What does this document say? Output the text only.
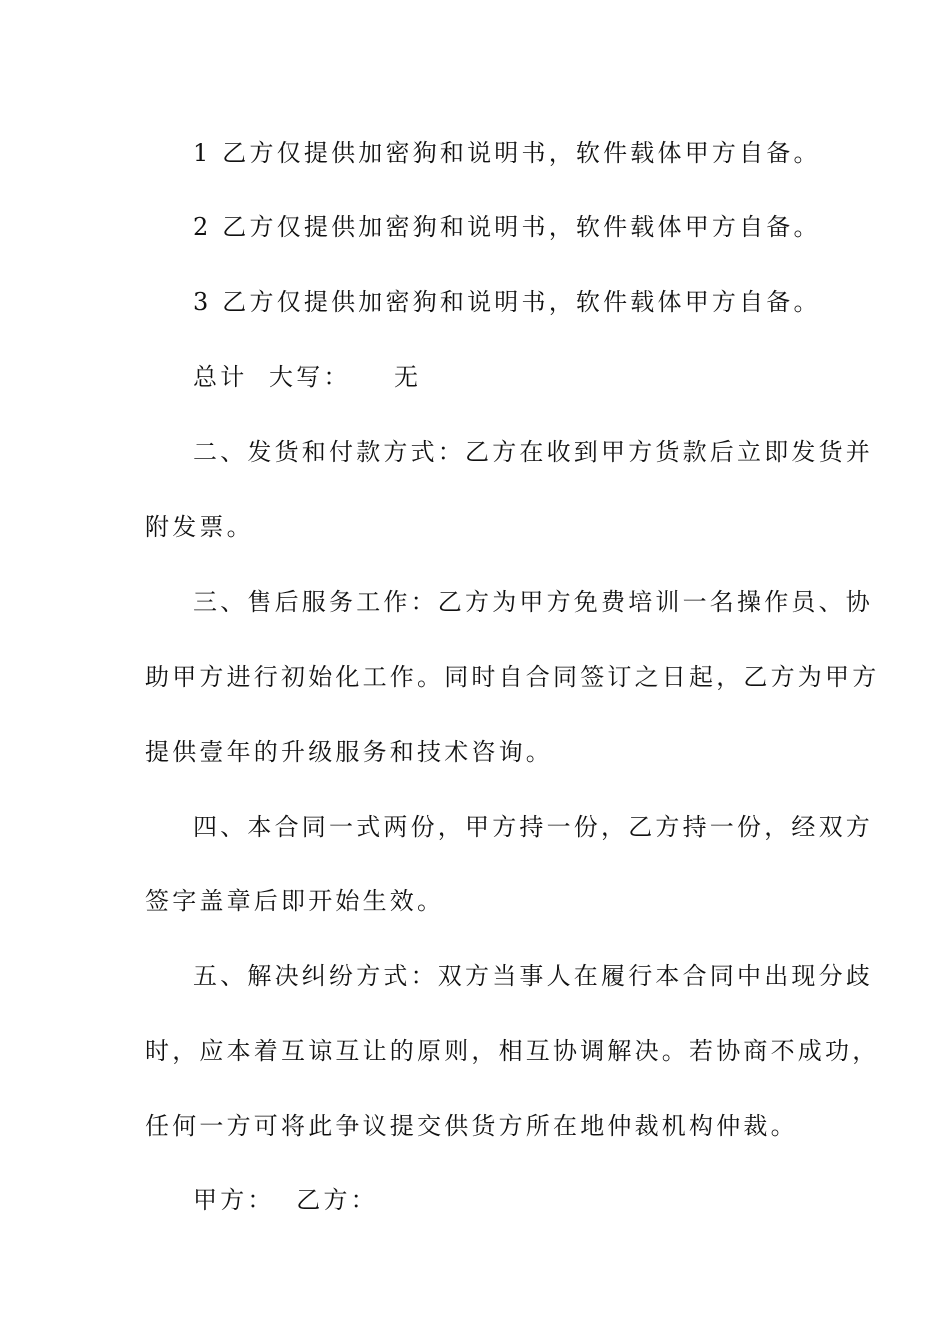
1 乙方仅提供加密狗和说明书，软件载体甲方自备。

2 乙方仅提供加密狗和说明书，软件载体甲方自备。

3 乙方仅提供加密狗和说明书，软件载体甲方自备。

总计  大写：    无

二、发货和付款方式：乙方在收到甲方货款后立即发货并

附发票。

三、售后服务工作：乙方为甲方免费培训一名操作员、协

助甲方进行初始化工作。同时自合同签订之日起，乙方为甲方

提供壹年的升级服务和技术咨询。

四、本合同一式两份，甲方持一份，乙方持一份，经双方

签字盖章后即开始生效。

五、解决纠纷方式：双方当事人在履行本合同中出现分歧

时，应本着互谅互让的原则，相互协调解决。若协商不成功，

任何一方可将此争议提交供货方所在地仲裁机构仲裁。

甲方：  乙方：
